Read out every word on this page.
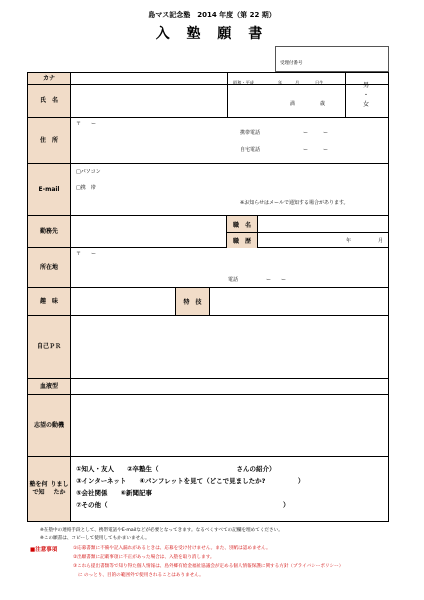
島マス記念塾　2014 年度（第 22 期）
入 塾 願 書
受理付番号
カナ
氏　名
昭和・平成	年	月	日生
満	歳
男
・
女
住　所
〒　　ー
携帯電話	ー　　　ー
自宅電話	ー　　　ー
E-mail
□パソコン
□携　帯
※お知らせはメールで通知する場合があります。
勤務先
職　名
職　歴	年	月
所在地
〒　　ー
電話	ー　　ー
趣　味	特　技
自己ＰＲ
血液型
志望の動機
塾を何で知

りましたか
①知人・友人　　②卒塾生（　　　　　　　　　　　　さんの紹介）
③インターネット　　④パンフレットを見て（どこで見ましたか?　　　　　）
⑤会社関係　　⑥新聞記事
⑦その他（　　　　　　　　　　　　　　　　　　　　　　　　　　　）
※在塾中の連絡手段として、携帯電話やE-mailなどが必要となってきます。なるべくすべての記欄を埋めてください。
※この願書は、コピーして使用してもかまいません。
■注意事項	①応募書類に不備や記入漏れがあるときは、応募を受け付けません。また、別紙は認めません。
②出願書類に記載事項に不正があった場合は、入塾を取り消します。
③これら提出書類等で知り得た個人情報は、島外郷有給金福祉協議会が定める個人情報保護に関する方針（プライバシーポリシー）
に のっとり、目的の範囲外で使用されることはありません。
